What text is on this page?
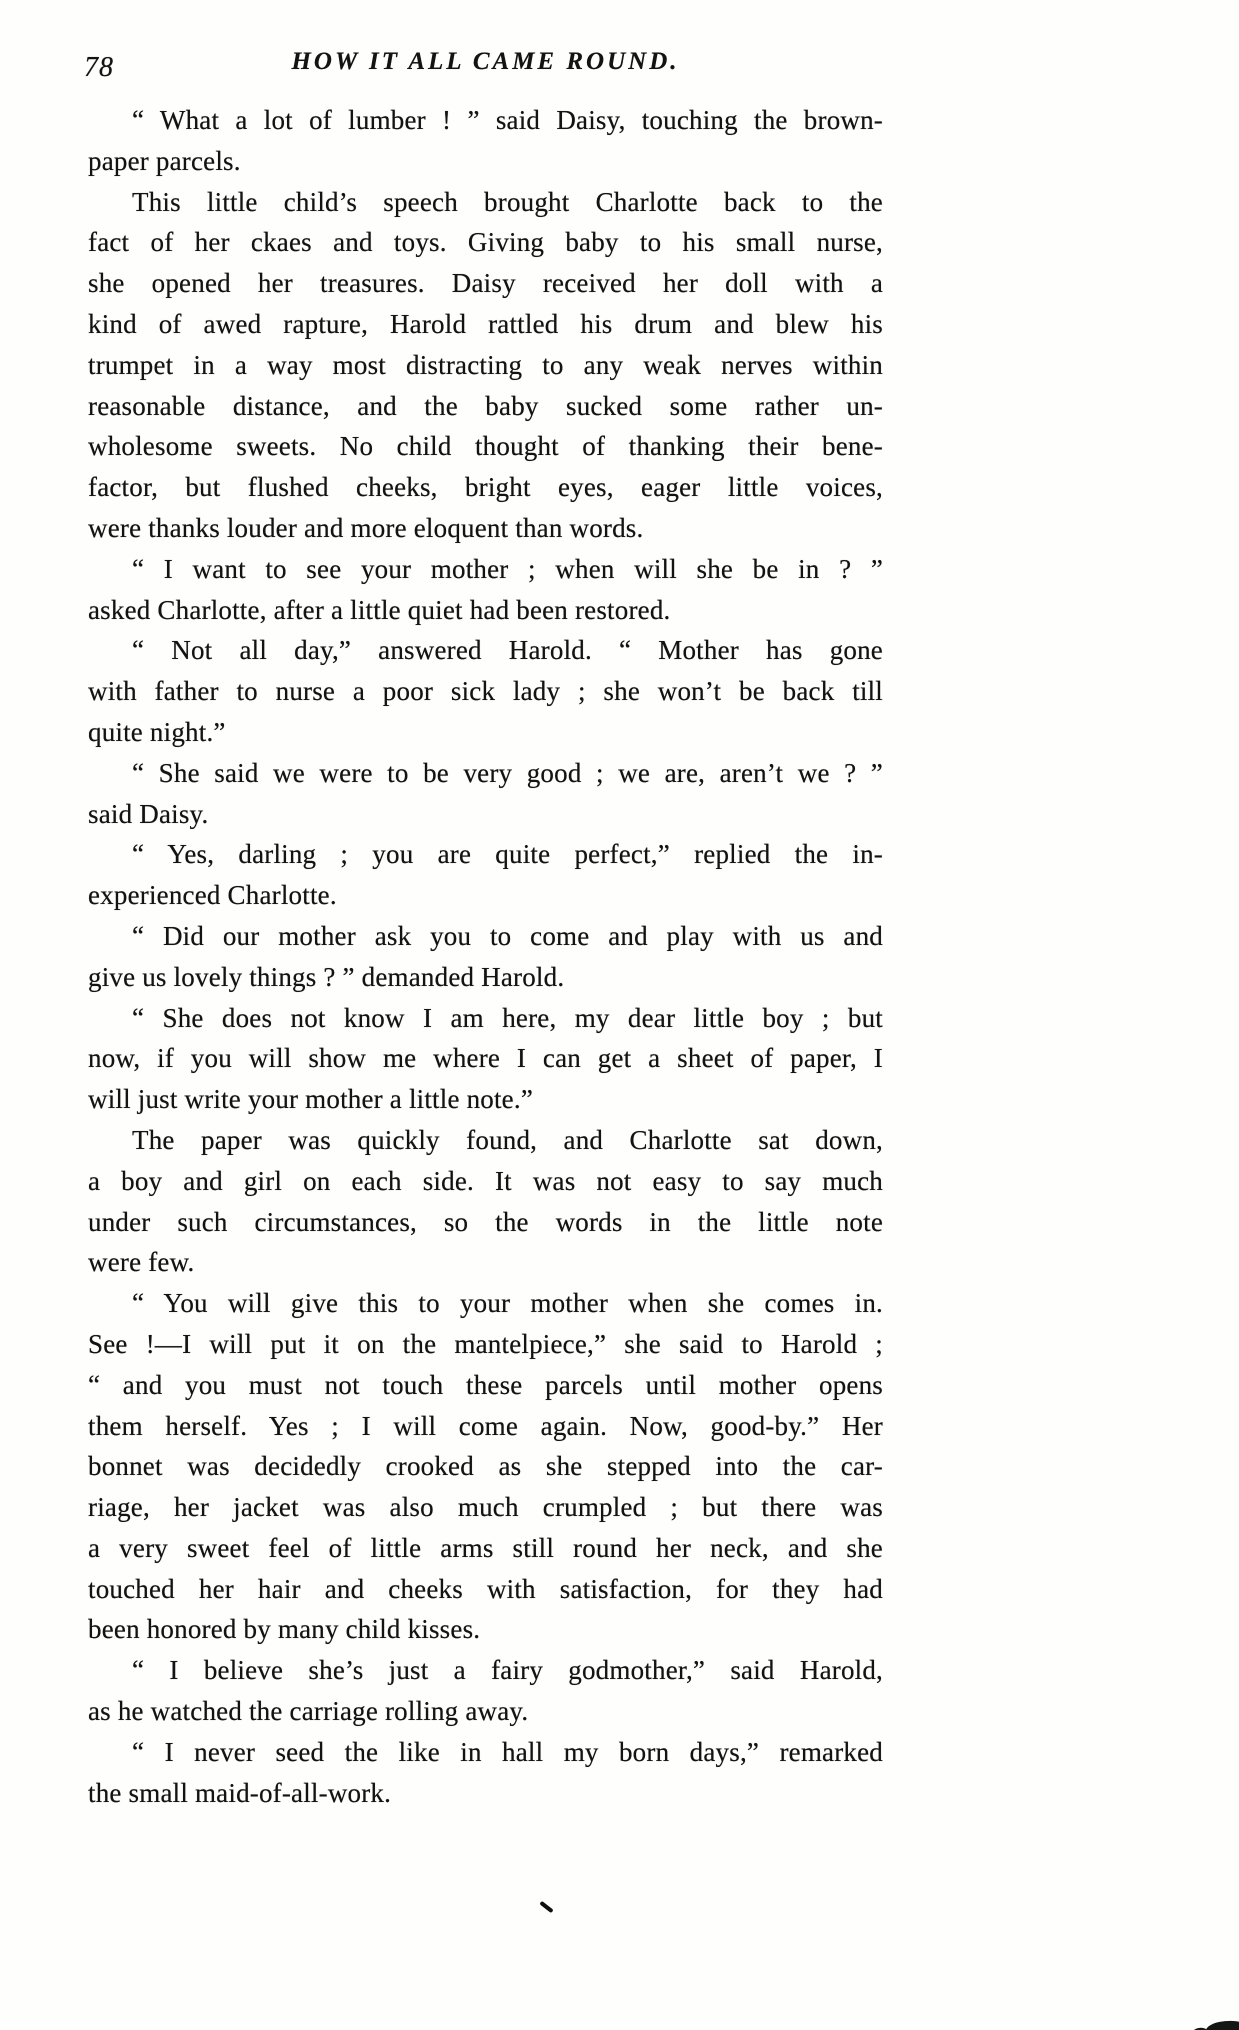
78	HOW IT ALL CAME ROUND.
“ What a lot of lumber ! ” said Daisy, touching the brown-
paper parcels.
This little child’s speech brought Charlotte back to the
fact of her ckaes and toys. Giving baby to his small nurse,
she opened her treasures. Daisy received her doll with a
kind of awed rapture, Harold rattled his drum and blew his
trumpet in a way most distracting to any weak nerves within
reasonable distance, and the baby sucked some rather un-
wholesome sweets. No child thought of thanking their bene-
factor, but flushed cheeks, bright eyes, eager little voices,
were thanks louder and more eloquent than words.
“ I want to see your mother ; when will she be in ? ”
asked Charlotte, after a little quiet had been restored.
“ Not all day,” answered Harold. “ Mother has gone
with father to nurse a poor sick lady ; she won’t be back till
quite night.”
“ She said we were to be very good ; we are, aren’t we ? ”
said Daisy.
“ Yes, darling ; you are quite perfect,” replied the in-
experienced Charlotte.
“ Did our mother ask you to come and play with us and
give us lovely things ? ” demanded Harold.
“ She does not know I am here, my dear little boy ; but
now, if you will show me where I can get a sheet of paper, I
will just write your mother a little note.”
The paper was quickly found, and Charlotte sat down,
a boy and girl on each side. It was not easy to say much
under such circumstances, so the words in the little note
were few.
“ You will give this to your mother when she comes in.
See !—I will put it on the mantelpiece,” she said to Harold ;
“ and you must not touch these parcels until mother opens
them herself. Yes ; I will come again. Now, good-by.” Her
bonnet was decidedly crooked as she stepped into the car-
riage, her jacket was also much crumpled ; but there was
a very sweet feel of little arms still round her neck, and she
touched her hair and cheeks with satisfaction, for they had
been honored by many child kisses.
“ I believe she’s just a fairy godmother,” said Harold,
as he watched the carriage rolling away.
“ I never seed the like in hall my born days,” remarked
the small maid-of-all-work.
